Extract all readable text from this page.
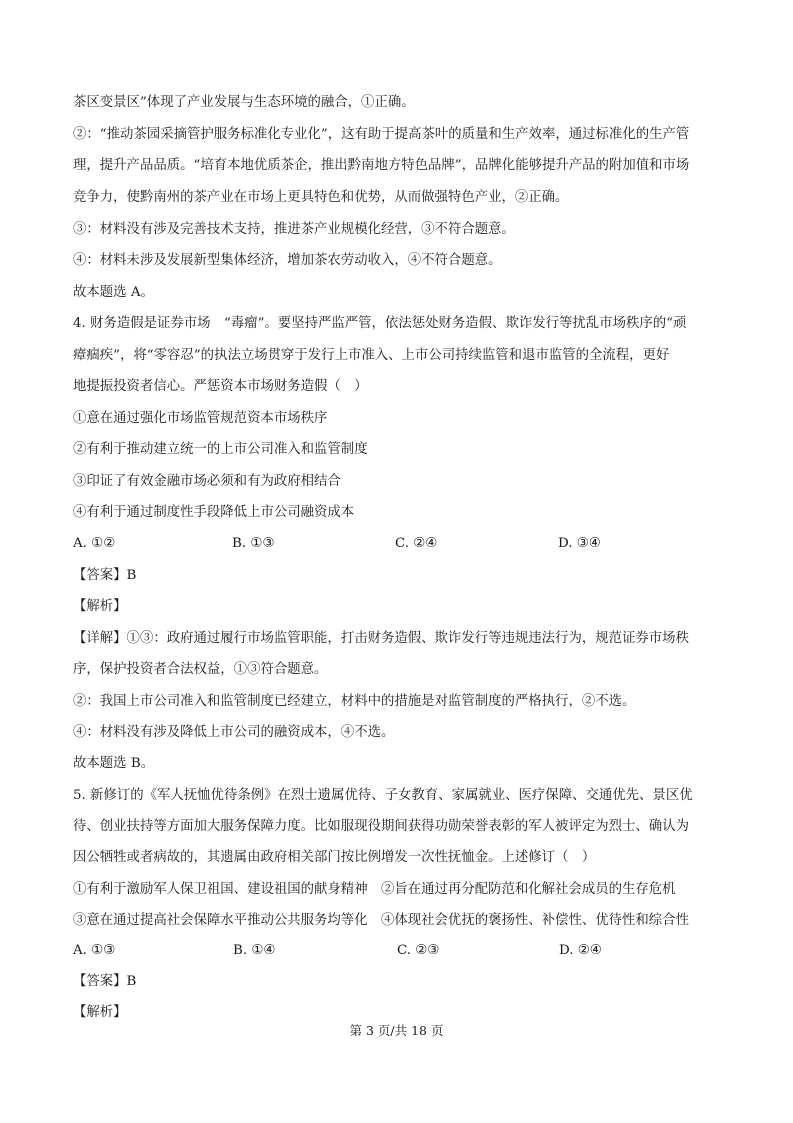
茶区变景区”体现了产业发展与生态环境的融合，①正确。
②：“推动茶园采摘管护服务标准化专业化”，这有助于提高茶叶的质量和生产效率，通过标准化的生产管
理，提升产品品质。“培育本地优质茶企，推出黔南地方特色品牌”，品牌化能够提升产品的附加值和市场
竞争力，使黔南州的茶产业在市场上更具特色和优势，从而做强特色产业，②正确。
③：材料没有涉及完善技术支持，推进茶产业规模化经营，③不符合题意。
④：材料未涉及发展新型集体经济，增加茶农劳动收入，④不符合题意。
故本题选 A。
4. 财务造假是证券市场　“毒瘤”。要坚持严监严管，依法惩处财务造假、欺诈发行等扰乱市场秩序的“顽
瘴痼疾”，将“零容忍”的执法立场贯穿于发行上市准入、上市公司持续监管和退市监管的全流程，更好
地提振投资者信心。严惩资本市场财务造假（　）
①意在通过强化市场监管规范资本市场秩序
②有利于推动建立统一的上市公司准入和监管制度
③印证了有效金融市场必须和有为政府相结合
④有利于通过制度性手段降低上市公司融资成本
A. ①②	B. ①③	C. ②④	D. ③④
【答案】B
【解析】
【详解】①③：政府通过履行市场监管职能，打击财务造假、欺诈发行等违规违法行为，规范证券市场秩
序，保护投资者合法权益，①③符合题意。
②：我国上市公司准入和监管制度已经建立，材料中的措施是对监管制度的严格执行，②不选。
④：材料没有涉及降低上市公司的融资成本，④不选。
故本题选 B。
5. 新修订的《军人抚恤优待条例》在烈士遗属优待、子女教育、家属就业、医疗保障、交通优先、景区优
待、创业扶持等方面加大服务保障力度。比如服现役期间获得功勋荣誉表彰的军人被评定为烈士、确认为
因公牺牲或者病故的，其遗属由政府相关部门按比例增发一次性抚恤金。上述修订（　）
①有利于激励军人保卫祖国、建设祖国的献身精神　②旨在通过再分配防范和化解社会成员的生存危机
③意在通过提高社会保障水平推动公共服务均等化　④体现社会优抚的褒扬性、补偿性、优待性和综合性
A. ①③	B. ①④	C. ②③	D. ②④
【答案】B
【解析】
第 3 页/共 18 页
